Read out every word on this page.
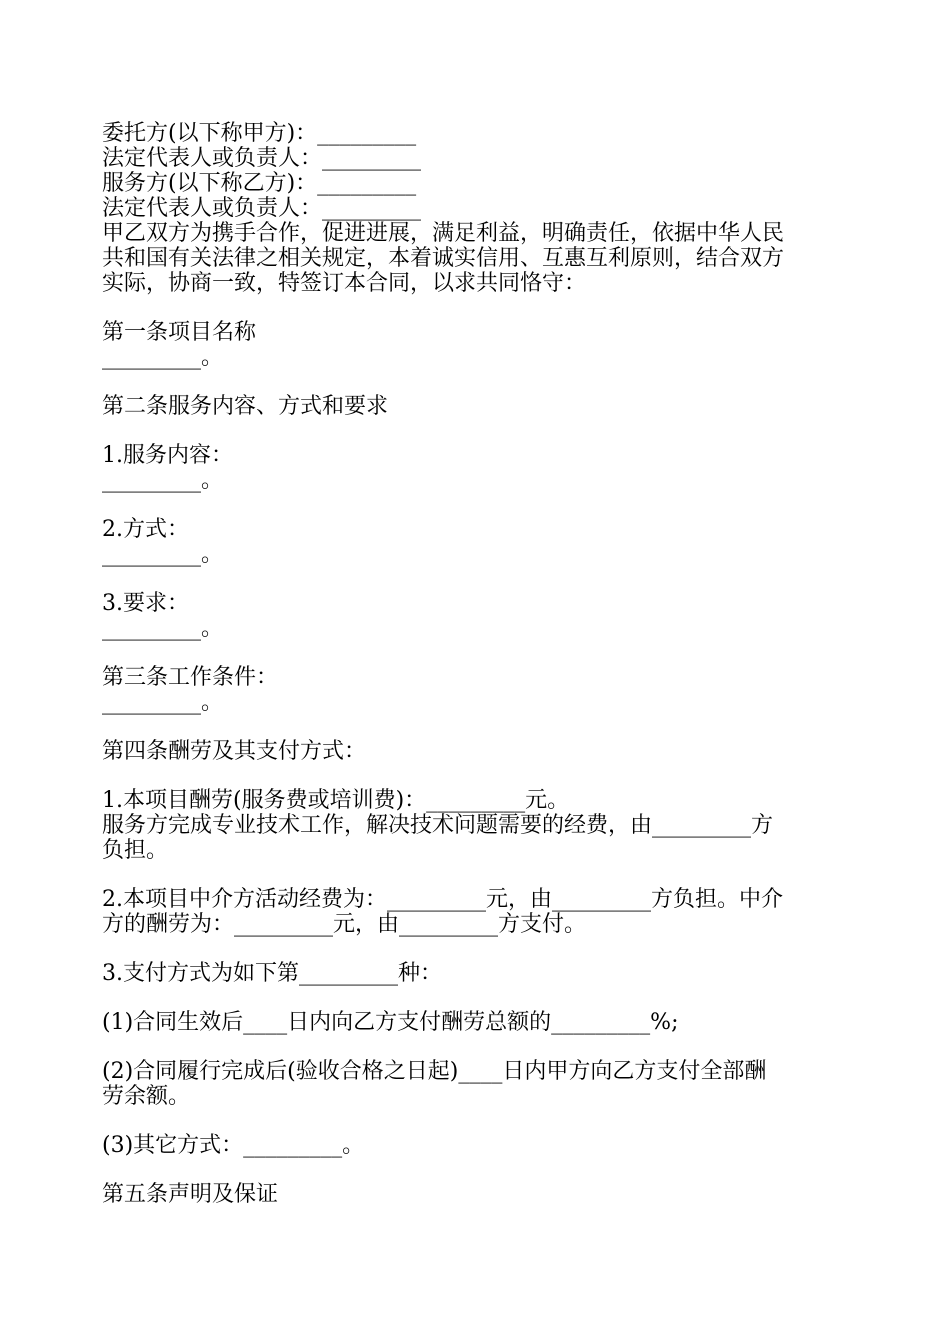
委托方(以下称甲方)：_________
法定代表人或负责人：_________
服务方(以下称乙方)：_________
法定代表人或负责人：_________
甲乙双方为携手合作，促进进展，满足利益，明确责任，依据中华人民
共和国有关法律之相关规定，本着诚实信用、互惠互利原则，结合双方
实际，协商一致，特签订本合同，以求共同恪守：
第一条项目名称
_________。
第二条服务内容、方式和要求
1.服务内容：
_________。
2.方式：
_________。
3.要求：
_________。
第三条工作条件：
_________。
第四条酬劳及其支付方式：
1.本项目酬劳(服务费或培训费)：_________元。
服务方完成专业技术工作，解决技术问题需要的经费，由_________方
负担。
2.本项目中介方活动经费为：_________元，由_________方负担。中介
方的酬劳为：_________元，由_________方支付。
3.支付方式为如下第_________种：
(1)合同生效后____日内向乙方支付酬劳总额的_________%;
(2)合同履行完成后(验收合格之日起)____日内甲方向乙方支付全部酬
劳余额。
(3)其它方式：_________。
第五条声明及保证
